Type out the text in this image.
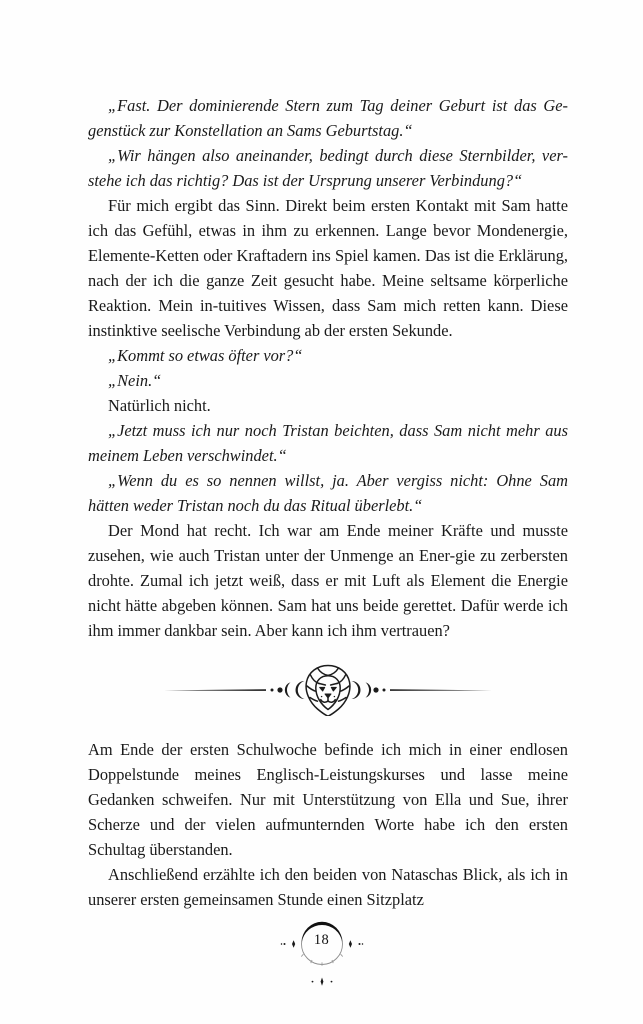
„Fast. Der dominierende Stern zum Tag deiner Geburt ist das Ge-genstück zur Konstellation an Sams Geburtstag.“

„Wir hängen also aneinander, bedingt durch diese Sternbilder, ver-stehe ich das richtig? Das ist der Ursprung unserer Verbindung?“

Für mich ergibt das Sinn. Direkt beim ersten Kontakt mit Sam hatte ich das Gefühl, etwas in ihm zu erkennen. Lange bevor Mondenergie, Elemente-Ketten oder Kraftadern ins Spiel kamen. Das ist die Erklärung, nach der ich die ganze Zeit gesucht habe. Meine seltsame körperliche Reaktion. Mein in-tuitives Wissen, dass Sam mich retten kann. Diese instinktive seelische Verbindung ab der ersten Sekunde.

„Kommt so etwas öfter vor?“

„Nein.“

Natürlich nicht.

„Jetzt muss ich nur noch Tristan beichten, dass Sam nicht mehr aus meinem Leben verschwindet.“

„Wenn du es so nennen willst, ja. Aber vergiss nicht: Ohne Sam hätten weder Tristan noch du das Ritual überlebt.“

Der Mond hat recht. Ich war am Ende meiner Kräfte und musste zusehen, wie auch Tristan unter der Unmenge an Ener-gie zu zerbersten drohte. Zumal ich jetzt weiß, dass er mit Luft als Element die Energie nicht hätte abgeben können. Sam hat uns beide gerettet. Dafür werde ich ihm immer dankbar sein. Aber kann ich ihm vertrauen?

Am Ende der ersten Schulwoche befinde ich mich in einer endlosen Doppelstunde meines Englisch-Leistungskurses und lasse meine Gedanken schweifen. Nur mit Unterstützung von Ella und Sue, ihrer Scherze und der vielen aufmunternden Worte habe ich den ersten Schultag überstanden.

Anschließend erzählte ich den beiden von Nataschas Blick, als ich in unserer ersten gemeinsamen Stunde einen Sitzplatz

18
